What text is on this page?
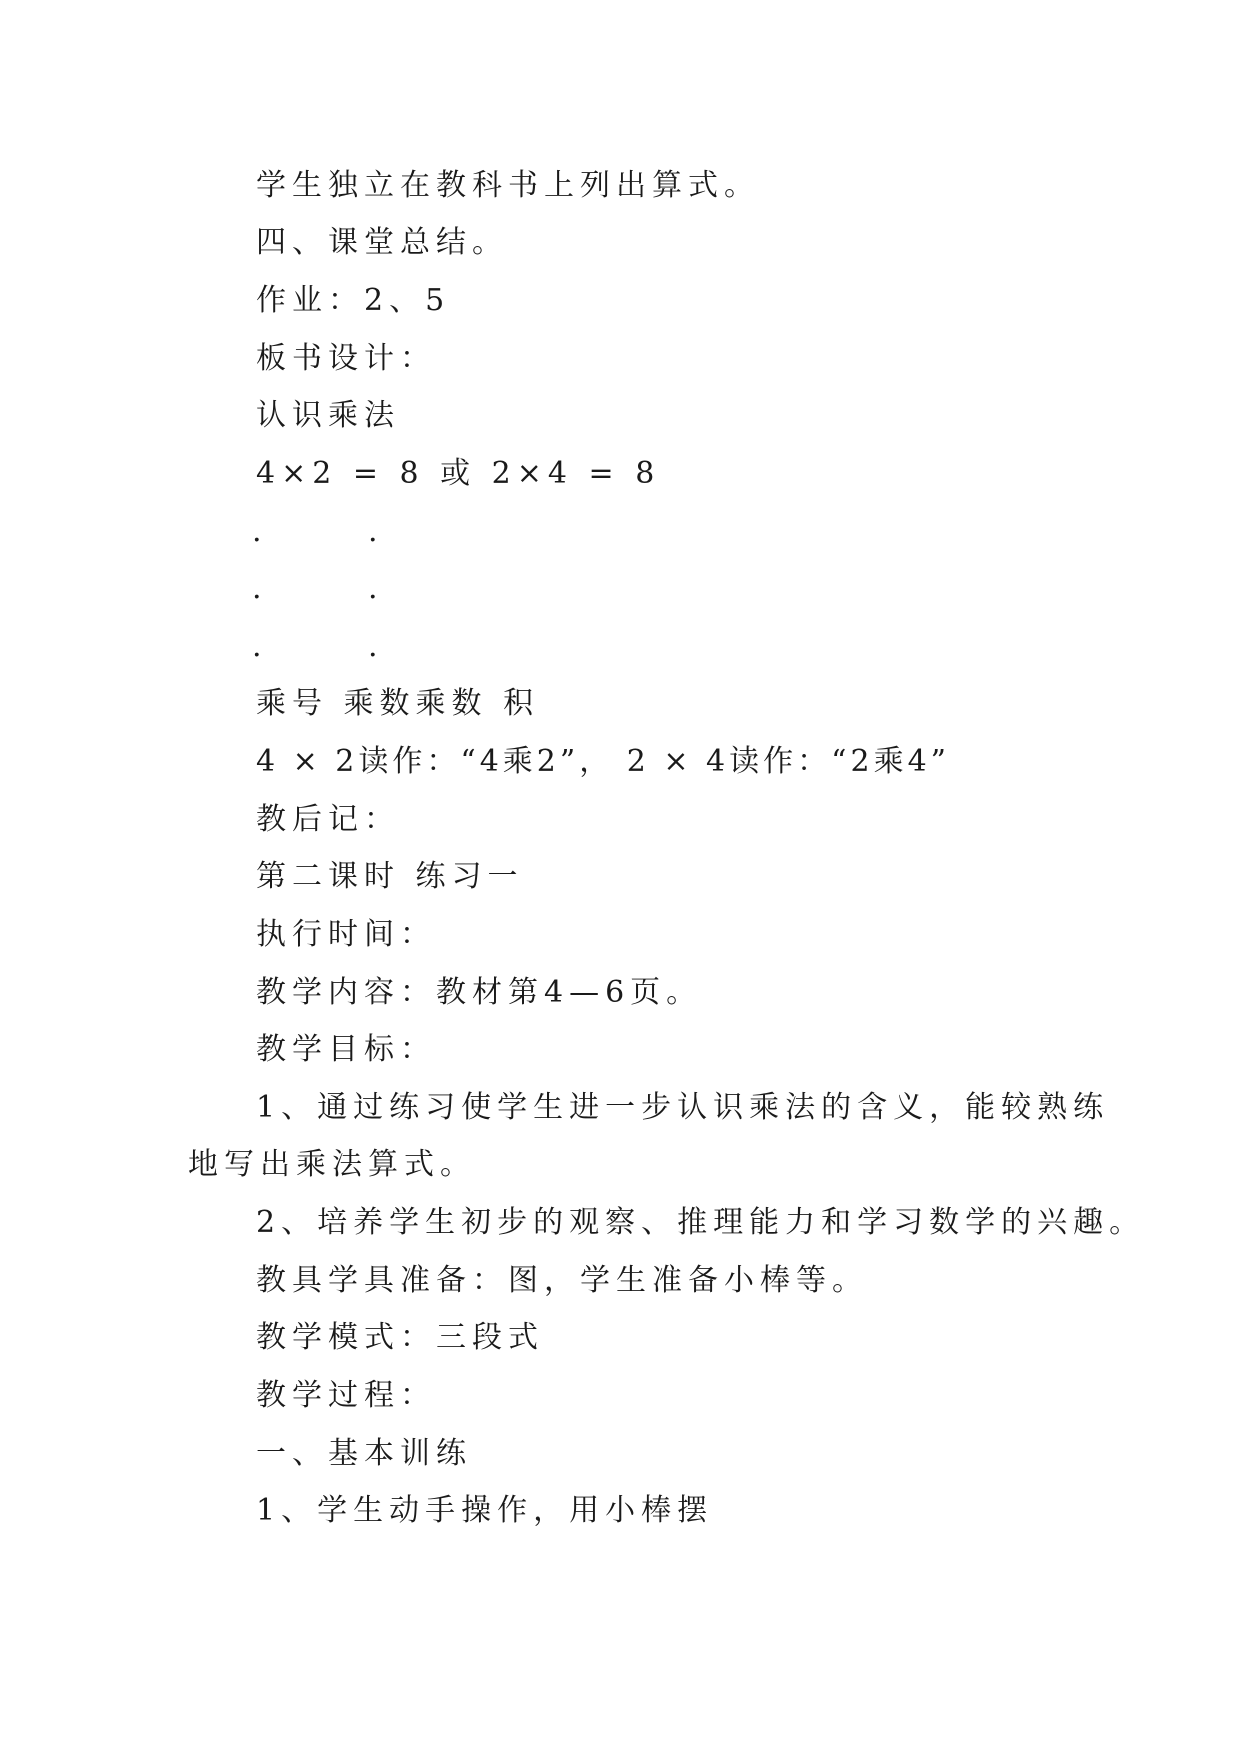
学生独立在教科书上列出算式。
四、课堂总结。
作业：2、5
板书设计：
认识乘法
4×2 = 8 或 2×4 = 8
.	.
.	.
.	.
乘号 乘数乘数 积
4 × 2读作：“4乘2”， 2 × 4读作：“2乘4”
教后记：
第二课时 练习一
执行时间：
教学内容：教材第4—6页。
教学目标：
1、通过练习使学生进一步认识乘法的含义，能较熟练
地写出乘法算式。
2、培养学生初步的观察、推理能力和学习数学的兴趣。
教具学具准备：图，学生准备小棒等。
教学模式：三段式
教学过程：
一、基本训练
1、学生动手操作，用小棒摆
